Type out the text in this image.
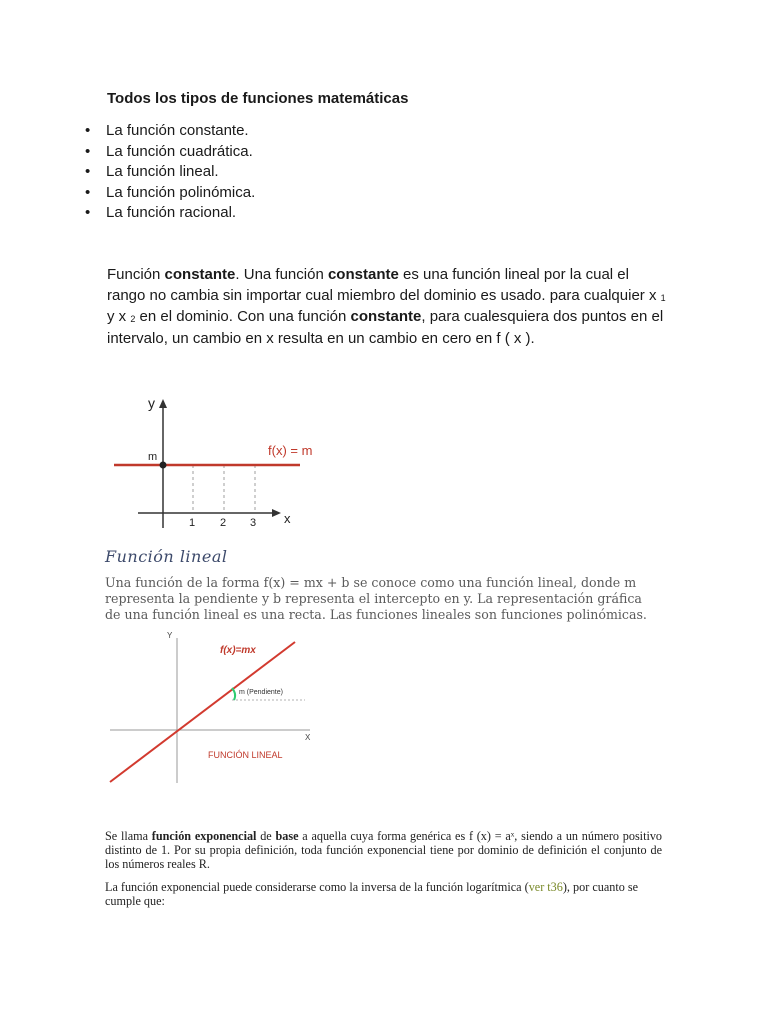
Todos los tipos de funciones matemáticas
• La función constante.
• La función cuadrática.
• La función lineal.
• La función polinómica.
• La función racional.
Función constante. Una función constante es una función lineal por la cual el rango no cambia sin importar cual miembro del dominio es usado. para cualquier x $_1$ y x $_2$ en el dominio. Con una función constante, para cualesquiera dos puntos en el intervalo, un cambio en x resulta en un cambio en cero en f ( x ).
y
m	f(x) = m
1 2 3 x
Función lineal
Una función de la forma f(x) = mx + b se conoce como una función lineal, donde m representa la pendiente y b representa el intercepto en y. La representación gráfica de una función lineal es una recta. Las funciones lineales son funciones polinómicas.
Y
f(x)=mx
m (Pendiente)
X
FUNCIÓN LINEAL
Se llama función exponencial de base a aquella cuya forma genérica es f (x) = aˣ, siendo a un número positivo distinto de 1. Por su propia definición, toda función exponencial tiene por dominio de definición el conjunto de los números reales R.
La función exponencial puede considerarse como la inversa de la función logarítmica (ver t36), por cuanto se cumple que:
